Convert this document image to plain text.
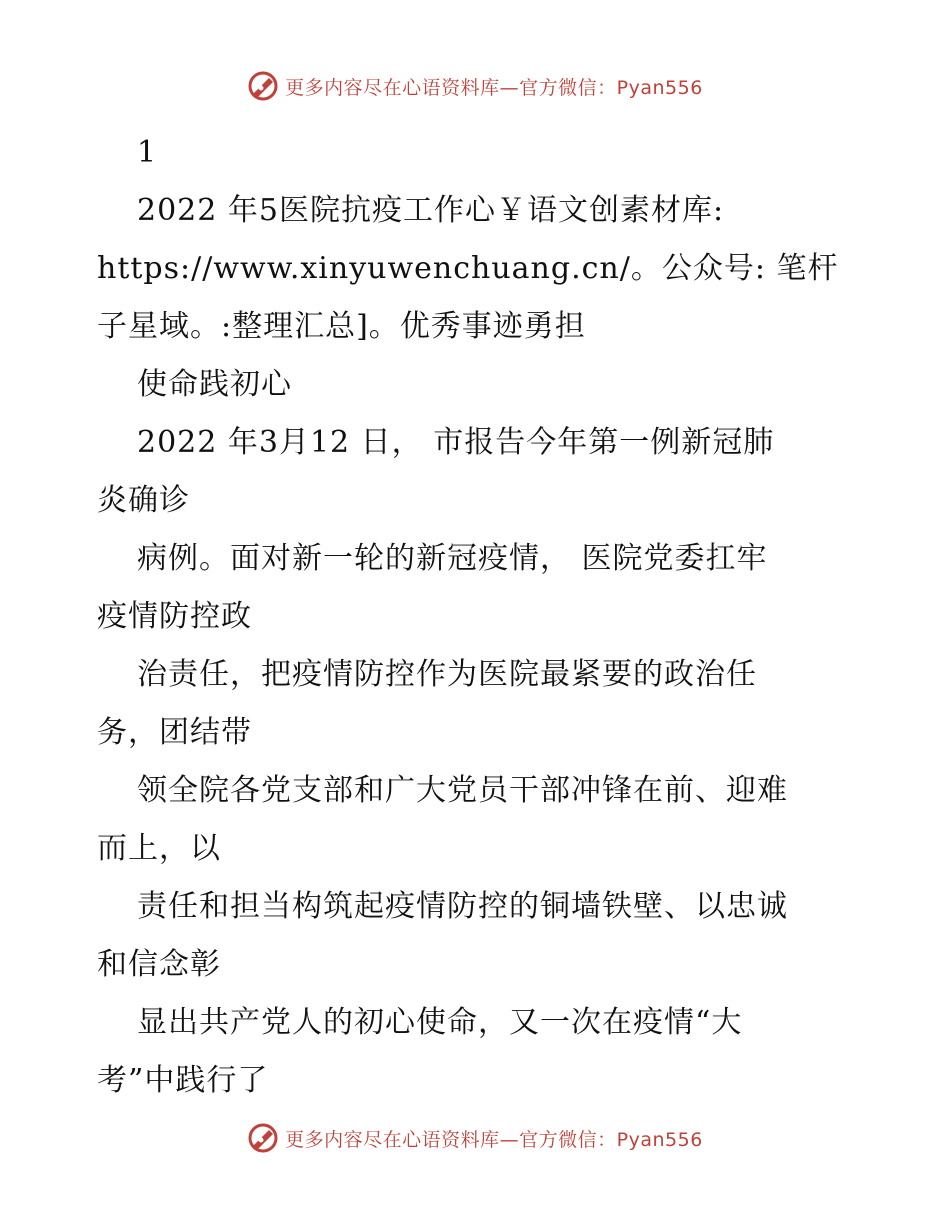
更多内容尽在心语资料库—官方微信：Pyan556
1
2022 年5医院抗疫工作心￥语文创素材库:
https://www.xinyuwenchuang.cn/。公众号: 笔杆
子星域。:整理汇总]。优秀事迹勇担
使命践初心
2022 年3月12 日， 市报告今年第一例新冠肺
炎确诊
病例。面对新一轮的新冠疫情， 医院党委扛牢
疫情防控政
治责任，把疫情防控作为医院最紧要的政治任
务，团结带
领全院各党支部和广大党员干部冲锋在前、迎难
而上，以
责任和担当构筑起疫情防控的铜墙铁壁、以忠诚
和信念彰
显出共产党人的初心使命，又一次在疫情“大
考”中践行了
更多内容尽在心语资料库—官方微信：Pyan556
